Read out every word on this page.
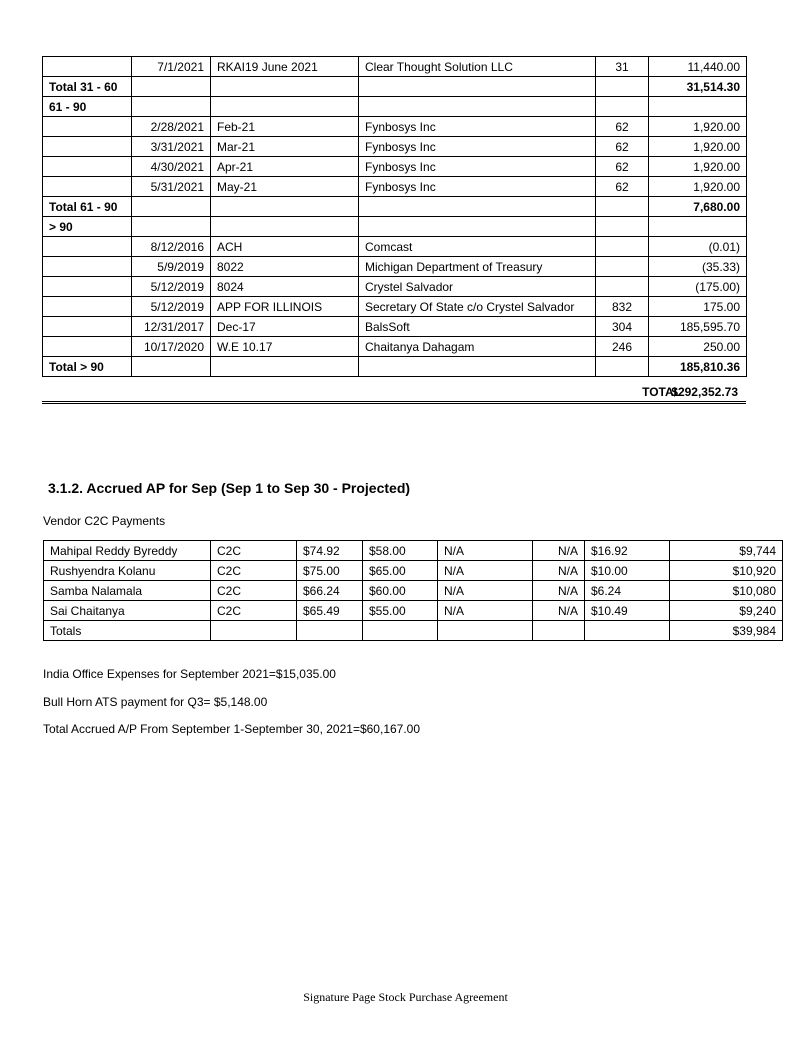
	7/1/2021	RKAI19 June 2021	Clear Thought Solution LLC	31	11,440.00
Total 31 - 60					31,514.30
61 - 90					
	2/28/2021	Feb-21	Fynbosys Inc	62	1,920.00
	3/31/2021	Mar-21	Fynbosys Inc	62	1,920.00
	4/30/2021	Apr-21	Fynbosys Inc	62	1,920.00
	5/31/2021	May-21	Fynbosys Inc	62	1,920.00
Total 61 - 90					7,680.00
> 90					
	8/12/2016	ACH	Comcast		(0.01)
	5/9/2019	8022	Michigan Department of Treasury		(35.33)
	5/12/2019	8024	Crystel Salvador		(175.00)
	5/12/2019	APP FOR ILLINOIS	Secretary Of State c/o Crystel Salvador	832	175.00
	12/31/2017	Dec-17	BalsSoft	304	185,595.70
	10/17/2020	W.E 10.17	Chaitanya Dahagam	246	250.00
Total > 90					185,810.36
TOTAL
$292,352.73
3.1.2. Accrued AP for Sep (Sep 1 to Sep 30 - Projected)
Vendor C2C Payments
Mahipal Reddy Byreddy	C2C	$74.92	$58.00	N/A	N/A	$16.92	$9,744
Rushyendra Kolanu	C2C	$75.00	$65.00	N/A	N/A	$10.00	$10,920
Samba Nalamala	C2C	$66.24	$60.00	N/A	N/A	$6.24	$10,080
Sai Chaitanya	C2C	$65.49	$55.00	N/A	N/A	$10.49	$9,240
Totals							$39,984
India Office Expenses for September 2021=$15,035.00
Bull Horn ATS payment for Q3= $5,148.00
Total Accrued A/P From September 1-September 30, 2021=$60,167.00
Signature Page Stock Purchase Agreement
